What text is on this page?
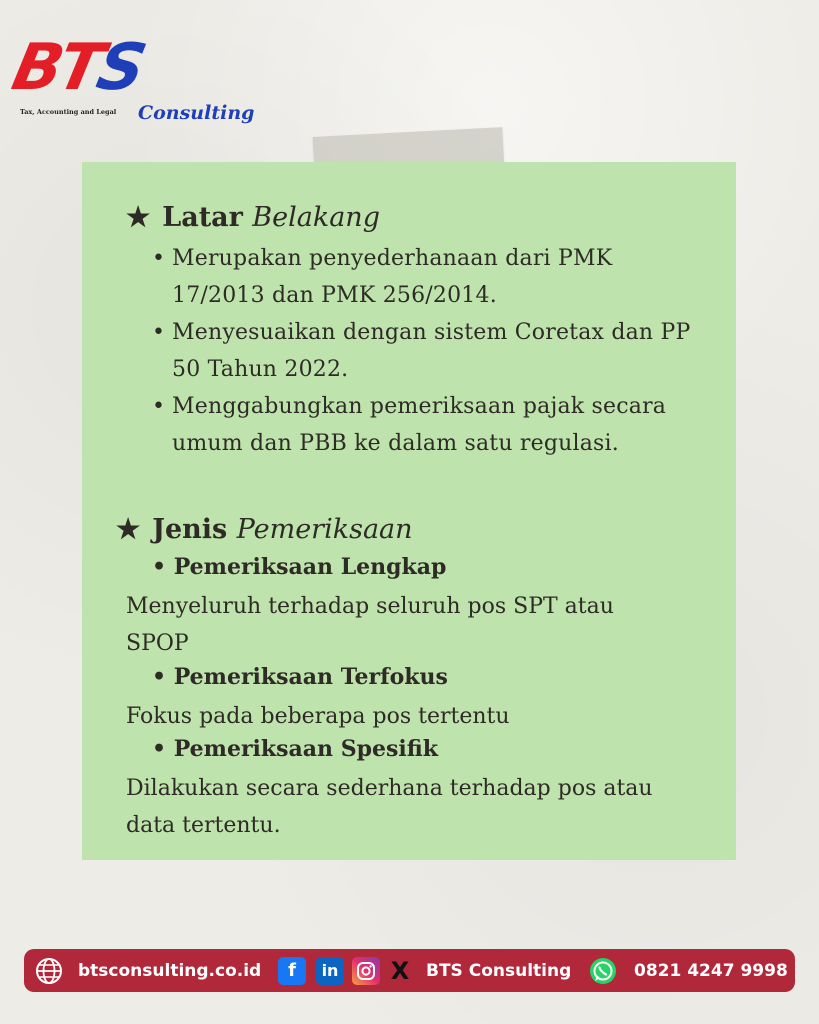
BTS
Tax, Accounting and Legal Consulting
★ Latar Belakang
• Merupakan penyederhanaan dari PMK 17/2013 dan PMK 256/2014.
• Menyesuaikan dengan sistem Coretax dan PP 50 Tahun 2022.
• Menggabungkan pemeriksaan pajak secara umum dan PBB ke dalam satu regulasi.
★ Jenis Pemeriksaan
• Pemeriksaan Lengkap
Menyeluruh terhadap seluruh pos SPT atau SPOP
• Pemeriksaan Terfokus
Fokus pada beberapa pos tertentu
• Pemeriksaan Spesifik
Dilakukan secara sederhana terhadap pos atau data tertentu.
btsconsulting.co.id	f	in X BTS Consulting	0821 4247 9998
